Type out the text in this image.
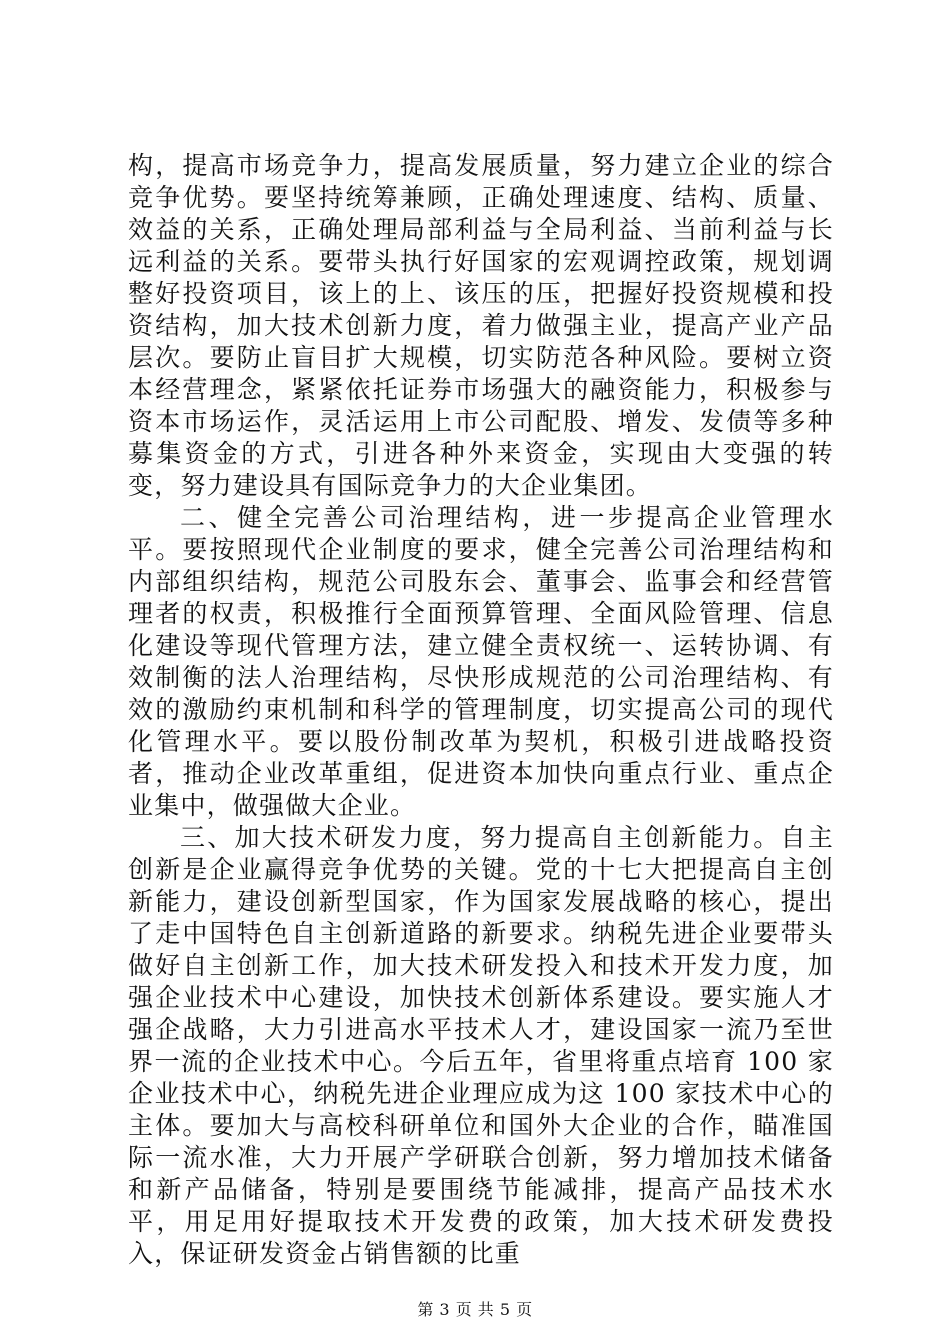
构，提高市场竞争力，提高发展质量，努力建立企业的综合竞争优势。要坚持统筹兼顾，正确处理速度、结构、质量、效益的关系，正确处理局部利益与全局利益、当前利益与长远利益的关系。要带头执行好国家的宏观调控政策，规划调整好投资项目，该上的上、该压的压，把握好投资规模和投资结构，加大技术创新力度，着力做强主业，提高产业产品层次。要防止盲目扩大规模，切实防范各种风险。要树立资本经营理念，紧紧依托证券市场强大的融资能力，积极参与资本市场运作，灵活运用上市公司配股、增发、发债等多种募集资金的方式，引进各种外来资金，实现由大变强的转变，努力建设具有国际竞争力的大企业集团。

二、健全完善公司治理结构，进一步提高企业管理水平。要按照现代企业制度的要求，健全完善公司治理结构和内部组织结构，规范公司股东会、董事会、监事会和经营管理者的权责，积极推行全面预算管理、全面风险管理、信息化建设等现代管理方法，建立健全责权统一、运转协调、有效制衡的法人治理结构，尽快形成规范的公司治理结构、有效的激励约束机制和科学的管理制度，切实提高公司的现代化管理水平。要以股份制改革为契机，积极引进战略投资者，推动企业改革重组，促进资本加快向重点行业、重点企业集中，做强做大企业。

三、加大技术研发力度，努力提高自主创新能力。自主创新是企业赢得竞争优势的关键。党的十七大把提高自主创新能力，建设创新型国家，作为国家发展战略的核心，提出了走中国特色自主创新道路的新要求。纳税先进企业要带头做好自主创新工作，加大技术研发投入和技术开发力度，加强企业技术中心建设，加快技术创新体系建设。要实施人才强企战略，大力引进高水平技术人才，建设国家一流乃至世界一流的企业技术中心。今后五年，省里将重点培育 100 家企业技术中心，纳税先进企业理应成为这 100 家技术中心的主体。要加大与高校科研单位和国外大企业的合作，瞄准国际一流水准，大力开展产学研联合创新，努力增加技术储备和新产品储备，特别是要围绕节能减排，提高产品技术水平，用足用好提取技术开发费的政策，加大技术研发费投入，保证研发资金占销售额的比重

第 3 页 共 5 页
